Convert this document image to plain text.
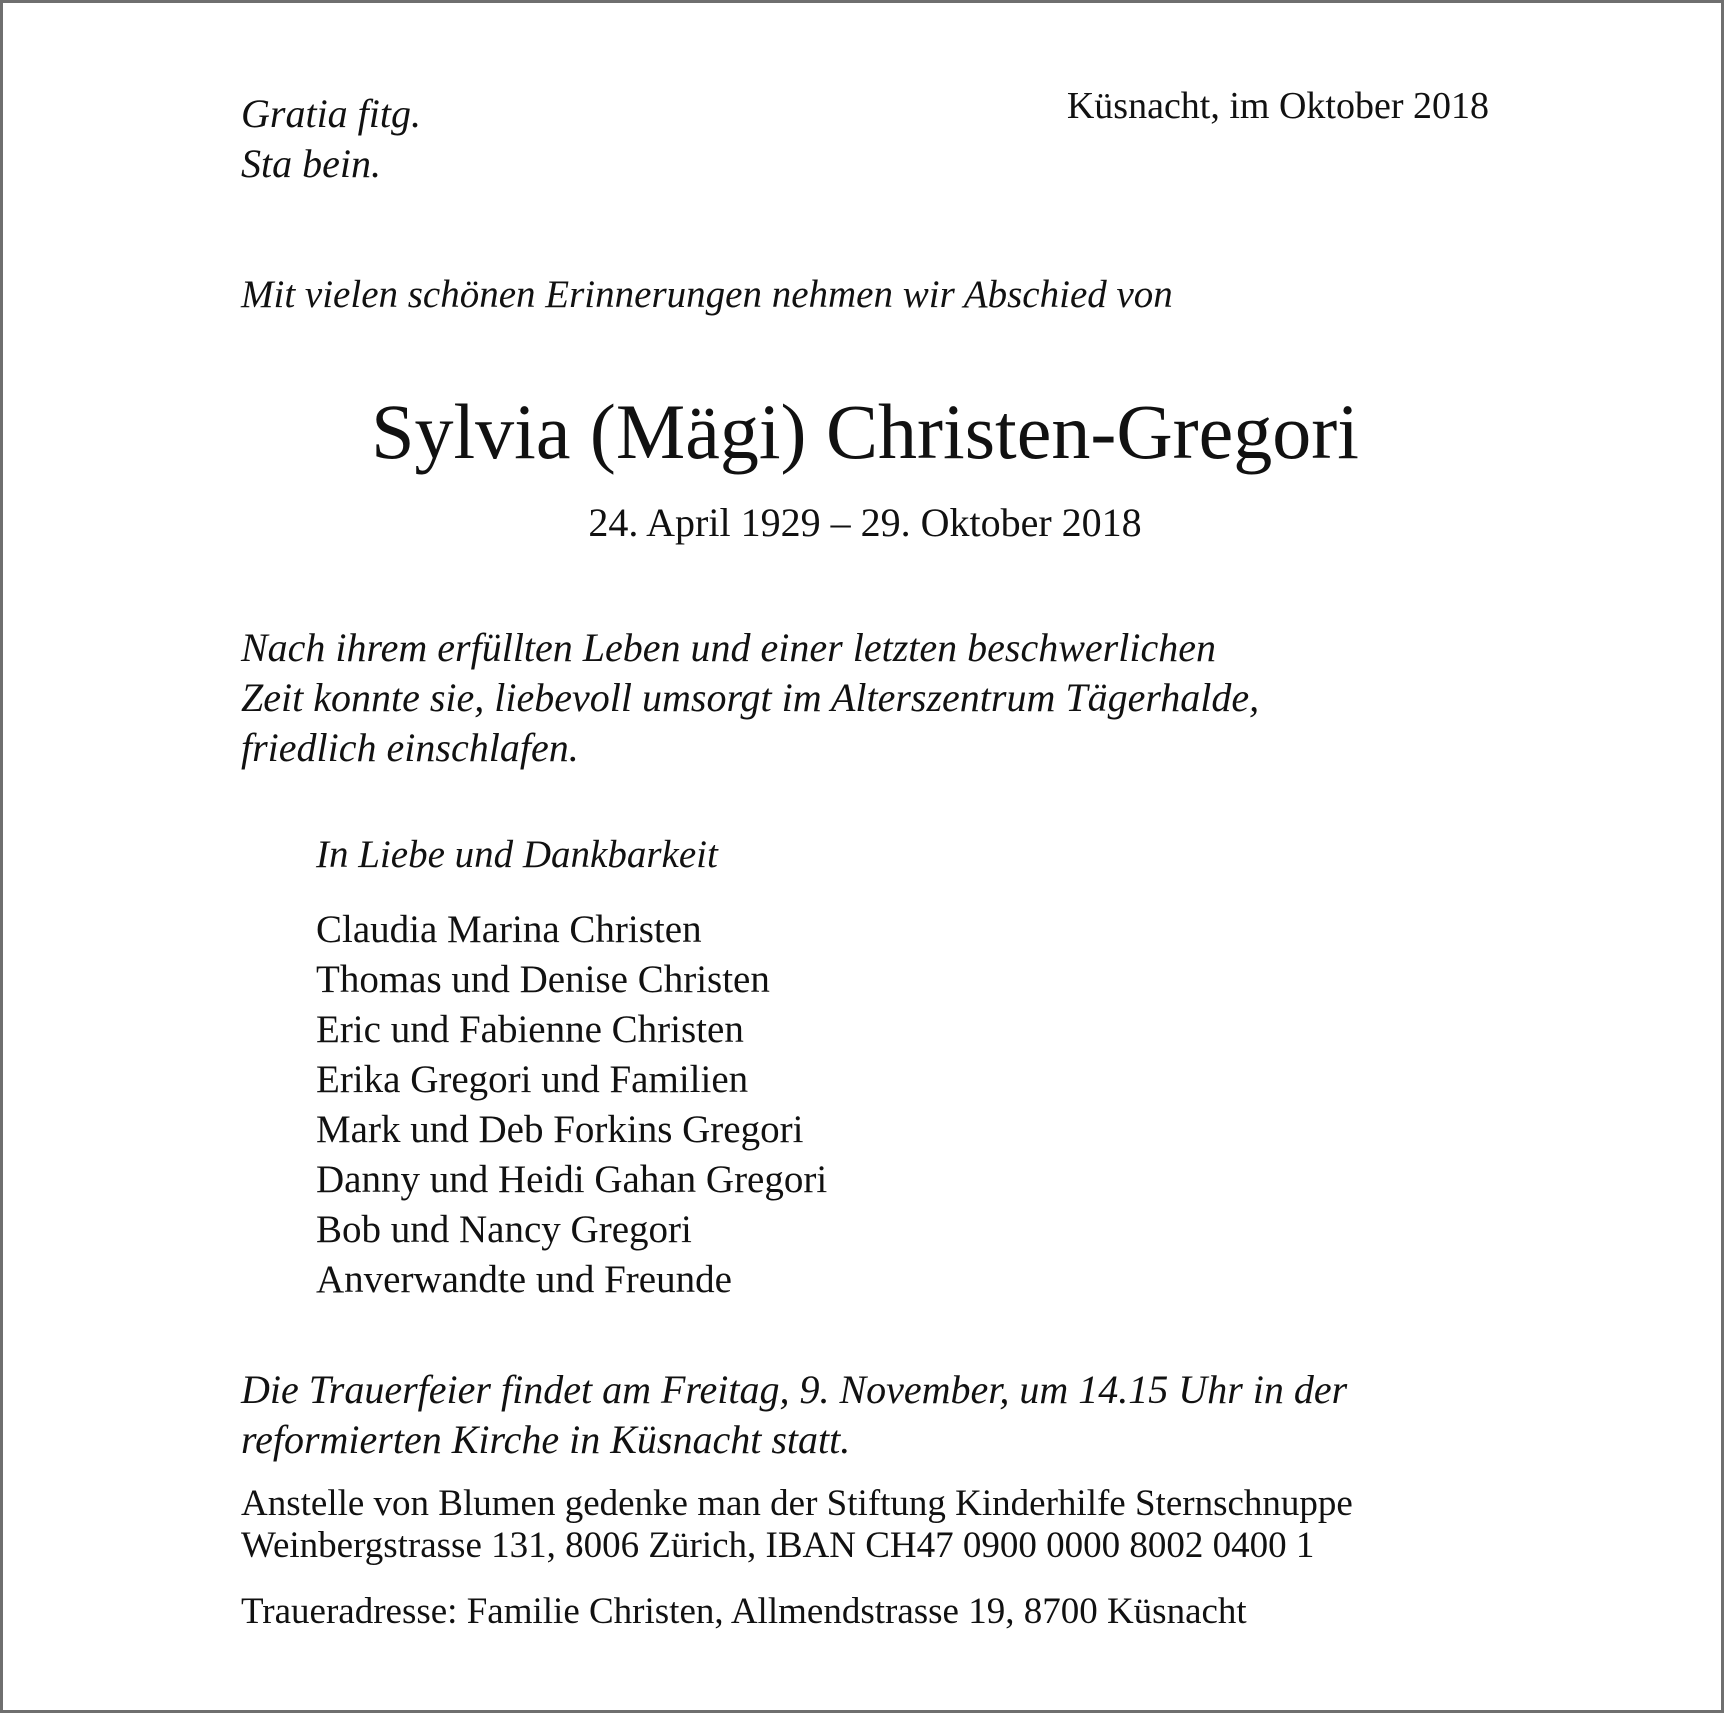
Gratia fitg.
Sta bein.
Küsnacht, im Oktober 2018
Mit vielen schönen Erinnerungen nehmen wir Abschied von
Sylvia (Mägi) Christen-Gregori
24. April 1929 – 29. Oktober 2018
Nach ihrem erfüllten Leben und einer letzten beschwerlichen
Zeit konnte sie, liebevoll umsorgt im Alterszentrum Tägerhalde,
friedlich einschlafen.
In Liebe und Dankbarkeit
Claudia Marina Christen
Thomas und Denise Christen
Eric und Fabienne Christen
Erika Gregori und Familien
Mark und Deb Forkins Gregori
Danny und Heidi Gahan Gregori
Bob und Nancy Gregori
Anverwandte und Freunde
Die Trauerfeier findet am Freitag, 9. November, um 14.15 Uhr in der
reformierten Kirche in Küsnacht statt.
Anstelle von Blumen gedenke man der Stiftung Kinderhilfe Sternschnuppe
Weinbergstrasse 131, 8006 Zürich, IBAN CH47 0900 0000 8002 0400 1
Traueradresse: Familie Christen, Allmendstrasse 19, 8700 Küsnacht
